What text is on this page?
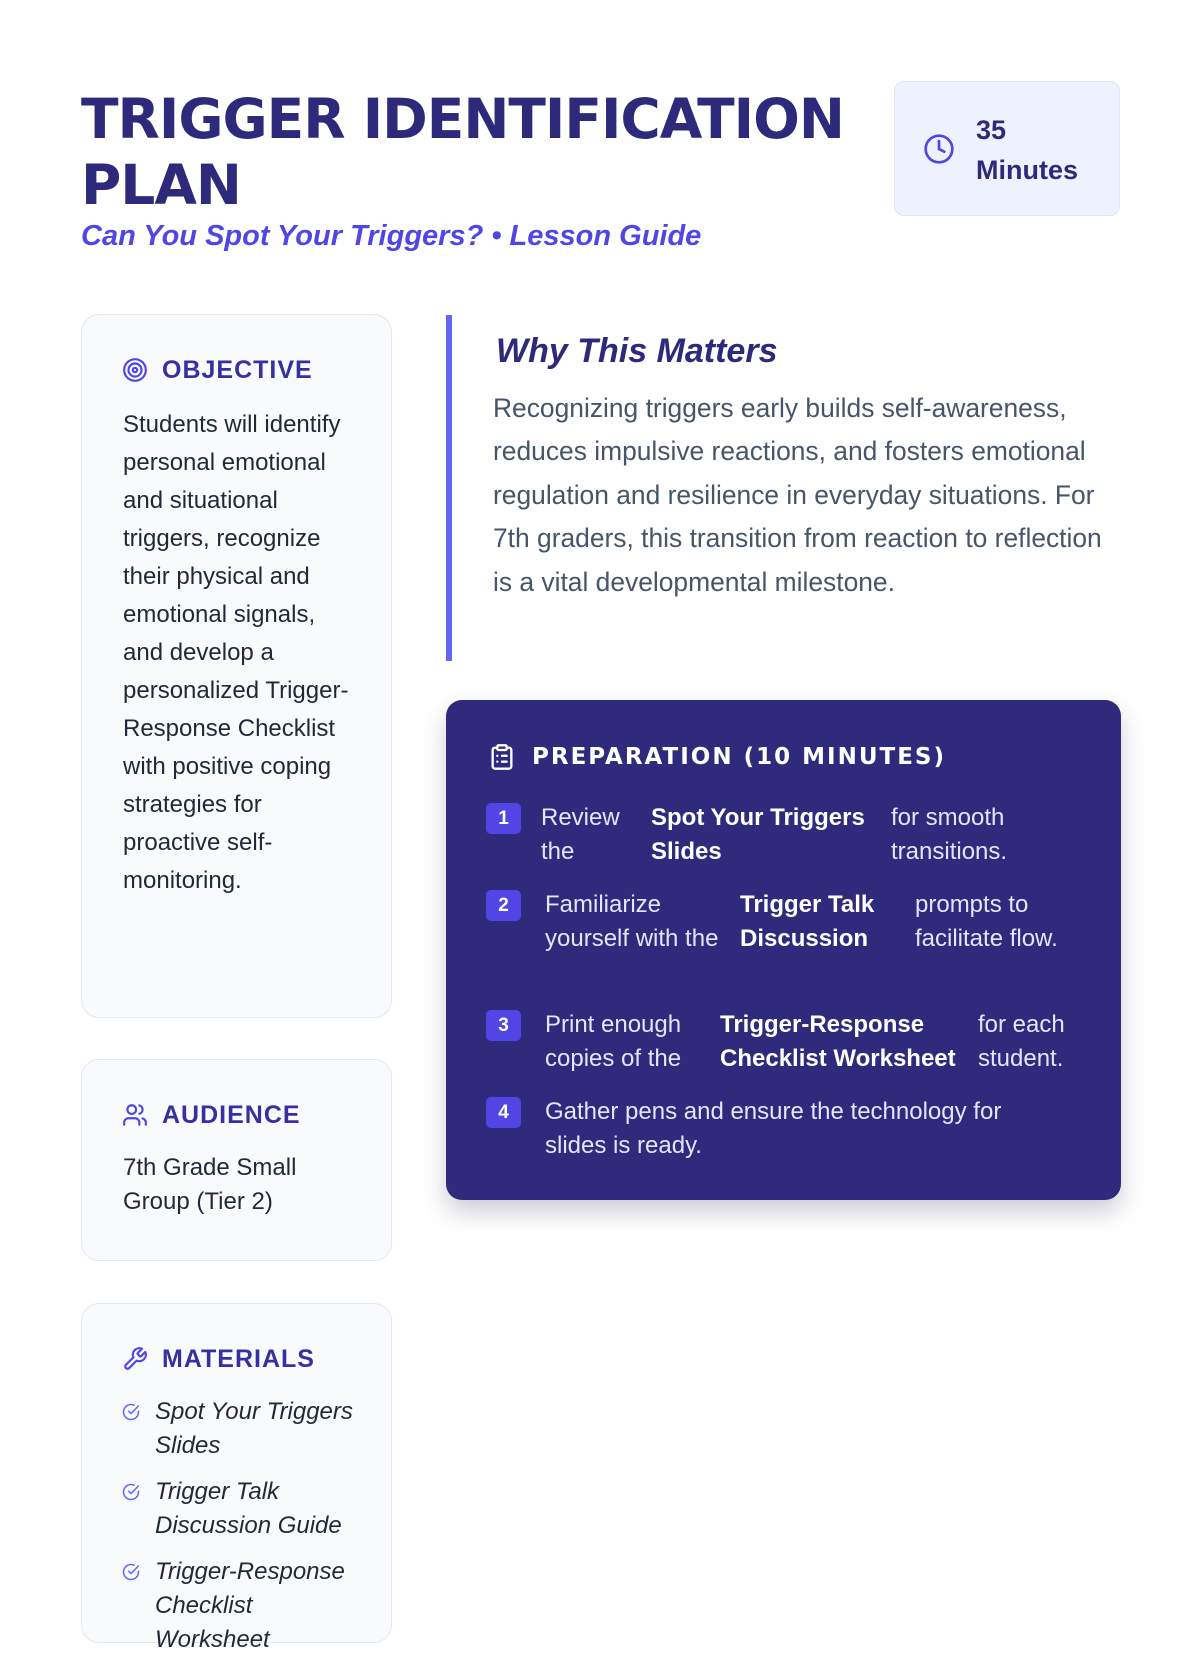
TRIGGER IDENTIFICATION PLAN

Can You Spot Your Triggers? • Lesson Guide

35 Minutes
OBJECTIVE

Students will identify personal emotional and situational triggers, recognize their physical and emotional signals, and develop a personalized Trigger-Response Checklist with positive coping strategies for proactive self-monitoring.

AUDIENCE

7th Grade Small Group (Tier 2)

MATERIALS
Spot Your Triggers Slides
Trigger Talk Discussion Guide
Trigger-Response Checklist Worksheet
Why This Matters

Recognizing triggers early builds self-awareness, reduces impulsive reactions, and fosters emotional regulation and resilience in everyday situations. For 7th graders, this transition from reaction to reflection is a vital developmental milestone.

PREPARATION (10 MINUTES)
1	Review the
Spot Your Triggers Slides
for smooth transitions.
2	Familiarize yourself with the
Trigger Talk Discussion
prompts to facilitate flow.
3	Print enough copies of the
Trigger-Response Checklist Worksheet
for each student.
4	Gather pens and ensure the technology for slides is ready.
